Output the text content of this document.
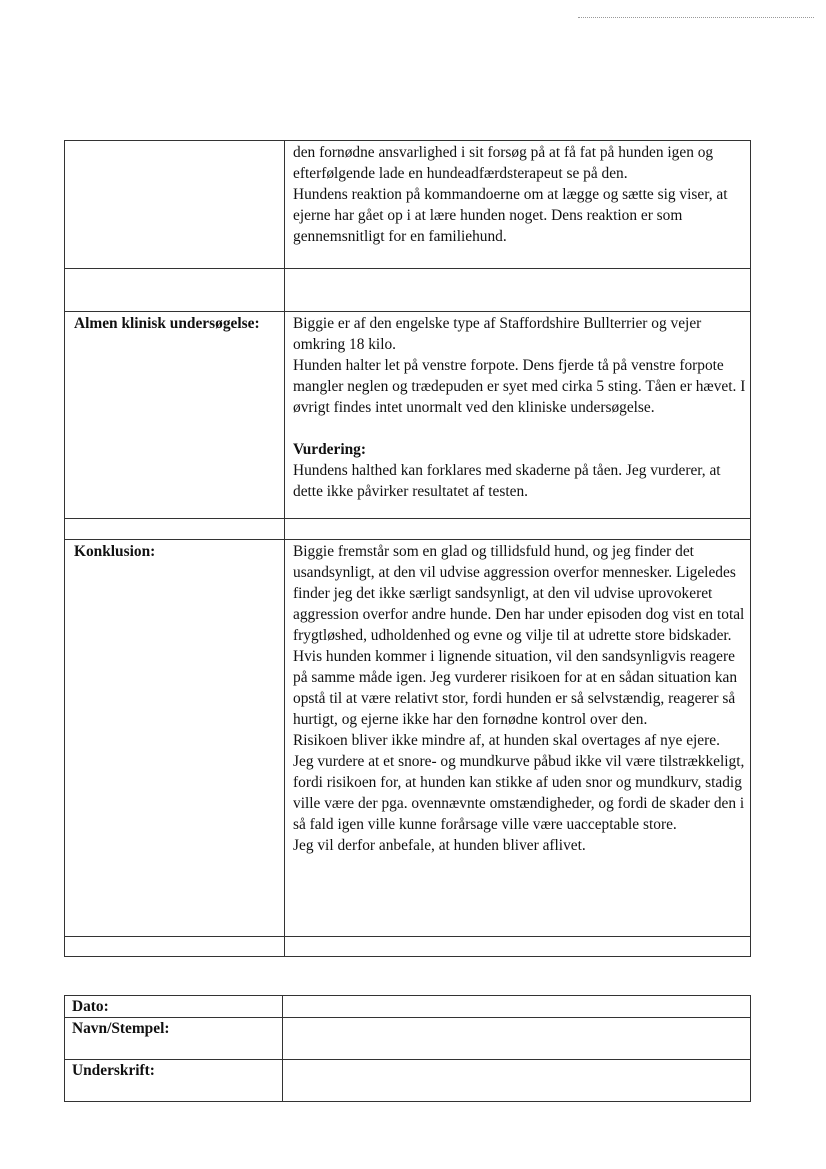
	den fornødne ansvarlighed i sit forsøg på at få fat på hunden igen og efterfølgende lade en hundeadfærdsterapeut se på den.
Hundens reaktion på kommandoerne om at lægge og sætte sig viser, at ejerne har gået op i at lære hunden noget. Dens reaktion er som gennemsnitligt for en familiehund.

Almen klinisk undersøgelse:	Biggie er af den engelske type af Staffordshire Bullterrier og vejer omkring 18 kilo.
Hunden halter let på venstre forpote. Dens fjerde tå på venstre forpote mangler neglen og trædepuden er syet med cirka 5 sting. Tåen er hævet. I øvrigt findes intet unormalt ved den kliniske undersøgelse.
Vurdering:
Hundens halthed kan forklares med skaderne på tåen. Jeg vurderer, at dette ikke påvirker resultatet af testen.

Konklusion:	Biggie fremstår som en glad og tillidsfuld hund, og jeg finder det usandsynligt, at den vil udvise aggression overfor mennesker. Ligeledes finder jeg det ikke særligt sandsynligt, at den vil udvise uprovokeret aggression overfor andre hunde. Den har under episoden dog vist en total frygtløshed, udholdenhed og evne og vilje til at udrette store bidskader.
Hvis hunden kommer i lignende situation, vil den sandsynligvis reagere på samme måde igen. Jeg vurderer risikoen for at en sådan situation kan opstå til at være relativt stor, fordi hunden er så selvstændig, reagerer så hurtigt, og ejerne ikke har den fornødne kontrol over den.
Risikoen bliver ikke mindre af, at hunden skal overtages af nye ejere.
Jeg vurdere at et snore- og mundkurve påbud ikke vil være tilstrækkeligt, fordi risikoen for, at hunden kan stikke af uden snor og mundkurv, stadig ville være der pga. ovennævnte omstændigheder, og fordi de skader den i så fald igen ville kunne forårsage ville være uacceptable store.
Jeg vil derfor anbefale, at hunden bliver aflivet.

Dato:	
Navn/Stempel:	
Underskrift:	
